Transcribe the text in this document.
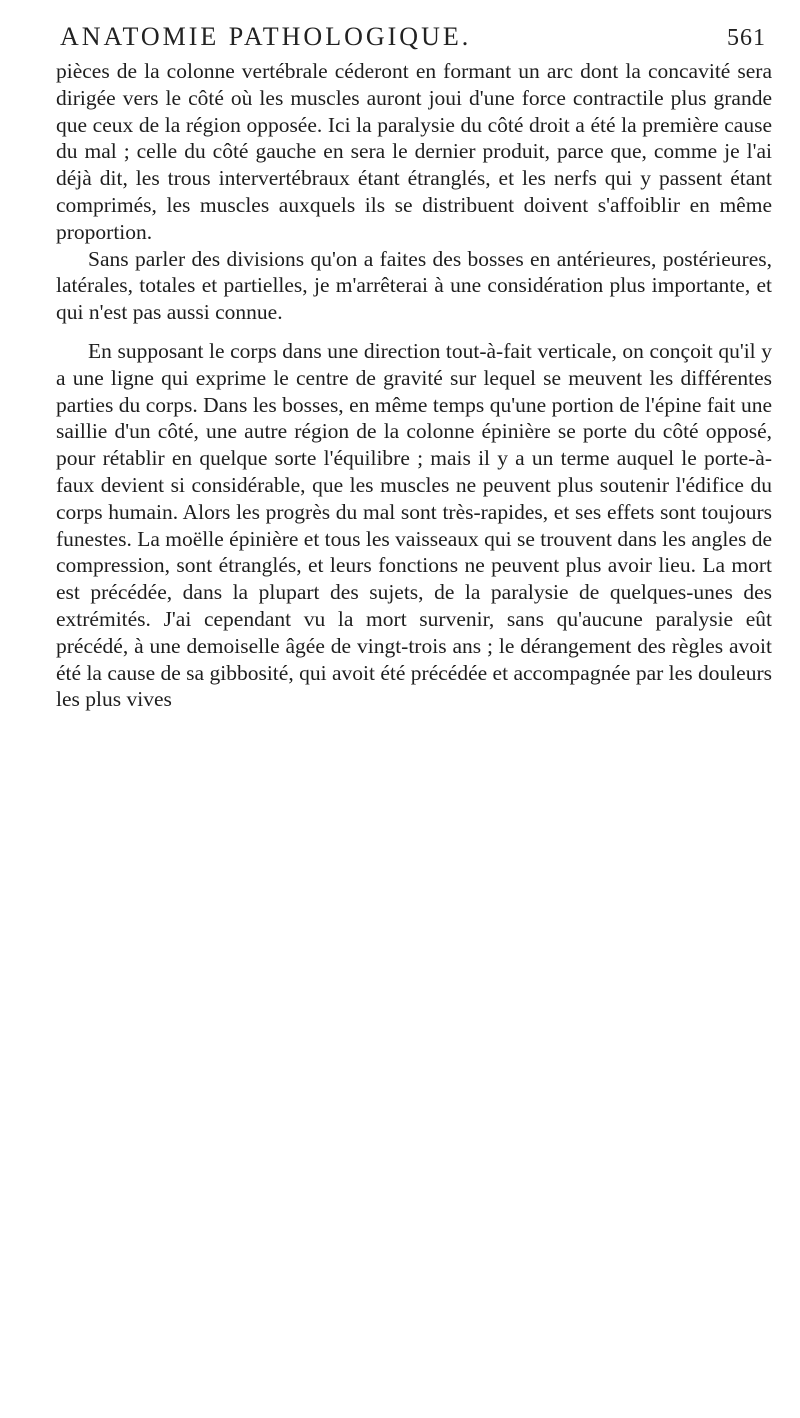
ANATOMIE PATHOLOGIQUE.	561

pièces de la colonne vertébrale céderont en formant un arc dont la concavité sera dirigée vers le côté où les muscles auront joui d'une force contractile plus grande que ceux de la région opposée. Ici la paralysie du côté droit a été la première cause du mal ; celle du côté gauche en sera le dernier produit, parce que, comme je l'ai déjà dit, les trous intervertébraux étant étranglés, et les nerfs qui y passent étant comprimés, les muscles auxquels ils se distribuent doivent s'affoiblir en même proportion.

Sans parler des divisions qu'on a faites des bosses en antérieures, postérieures, latérales, totales et partielles, je m'arrêterai à une considération plus importante, et qui n'est pas aussi connue.

En supposant le corps dans une direction tout-à-fait verticale, on conçoit qu'il y a une ligne qui exprime le centre de gravité sur lequel se meuvent les différentes parties du corps. Dans les bosses, en même temps qu'une portion de l'épine fait une saillie d'un côté, une autre région de la colonne épinière se porte du côté opposé, pour rétablir en quelque sorte l'équilibre ; mais il y a un terme auquel le porte-à-faux devient si considérable, que les muscles ne peuvent plus soutenir l'édifice du corps humain. Alors les progrès du mal sont très-rapides, et ses effets sont toujours funestes. La moëlle épinière et tous les vaisseaux qui se trouvent dans les angles de compression, sont étranglés, et leurs fonctions ne peuvent plus avoir lieu. La mort est précédée, dans la plupart des sujets, de la paralysie de quelques-unes des extrémités. J'ai cependant vu la mort survenir, sans qu'aucune paralysie eût précédé, à une demoiselle âgée de vingt-trois ans ; le dérangement des règles avoit été la cause de sa gibbosité, qui avoit été précédée et accompagnée par les douleurs les plus vives
